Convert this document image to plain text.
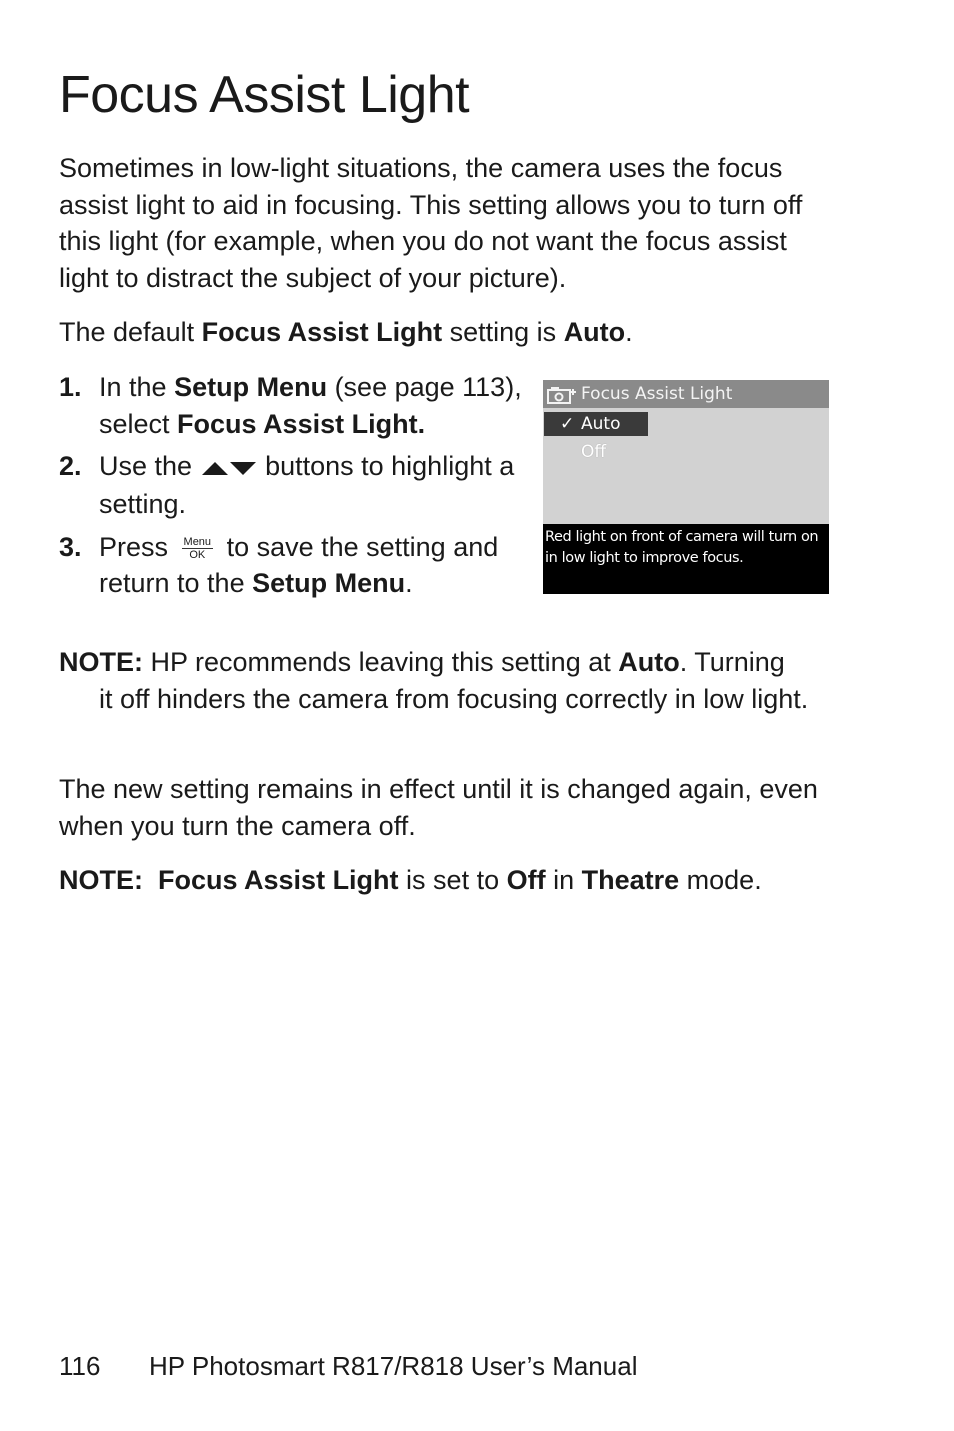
Focus Assist Light

Sometimes in low-light situations, the camera uses the focus assist light to aid in focusing. This setting allows you to turn off this light (for example, when you do not want the focus assist light to distract the subject of your picture).

The default Focus Assist Light setting is Auto.

1. In the Setup Menu (see page 113), select Focus Assist Light.
2. Use the  buttons to highlight a setting.
3. Press Menu
OK to save the setting and return to the Setup Menu.
Focus Assist Light
✓ Auto
Off
Red light on front of camera will turn on
in low light to improve focus.

NOTE: HP recommends leaving this setting at Auto. Turning
it off hinders the camera from focusing correctly in low light.

The new setting remains in effect until it is changed again, even when you turn the camera off.

NOTE: Focus Assist Light is set to Off in Theatre mode.

116 HP Photosmart R817/R818 User’s Manual
